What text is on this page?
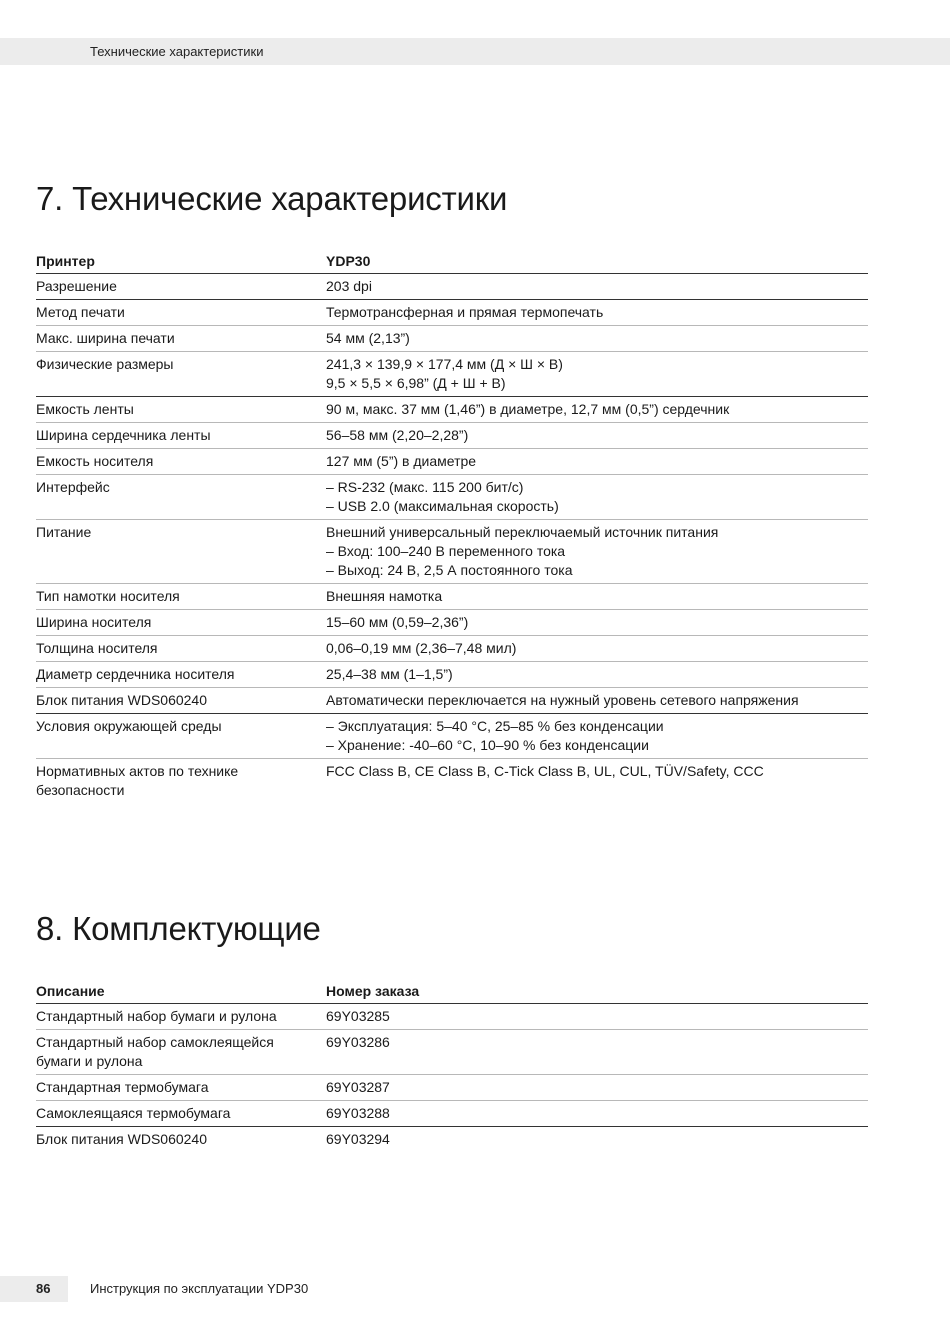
Технические характеристики
7. Технические характеристики
Принтер	YDP30

Разрешение	203 dpi

Метод печати	Термотрансферная и прямая термопечать

Макс. ширина печати	54 мм (2,13”)

Физические размеры	241,3 × 139,9 × 177,4 мм (Д × Ш × В)
9,5 × 5,5 × 6,98” (Д + Ш + В)

Емкость ленты	90 м, макс. 37 мм (1,46”) в диаметре, 12,7 мм (0,5”) сердечник

Ширина сердечника ленты	56–58 мм (2,20–2,28”)

Емкость носителя	127 мм (5”) в диаметре

Интерфейс	– RS-232 (макс. 115 200 бит/с)
– USB 2.0 (максимальная скорость)

Питание	Внешний универсальный переключаемый источник питания
– Вход: 100–240 В переменного тока
– Выход: 24 В, 2,5 А постоянного тока

Тип намотки носителя	Внешняя намотка

Ширина носителя	15–60 мм (0,59–2,36”)

Толщина носителя	0,06–0,19 мм (2,36–7,48 мил)

Диаметр сердечника носителя	25,4–38 мм (1–1,5”)

Блок питания WDS060240	Автоматически переключается на нужный уровень сетевого напряжения

Условия окружающей среды	– Эксплуатация: 5–40 °C, 25–85 % без конденсации
– Хранение: -40–60 °C, 10–90 % без конденсации

Нормативных актов по технике
безопасности	FCC Class B, CE Class B, C-Tick Class B, UL, CUL, TÜV/Safety, CCC
8. Комплектующие
Описание	Номер заказа

Стандартный набор бумаги и рулона	69Y03285

Стандартный набор самоклеящейся
бумаги и рулона	69Y03286

Стандартная термобумага	69Y03287

Самоклеящаяся термобумага	69Y03288

Блок питания WDS060240	69Y03294
86	Инструкция по эксплуатации YDP30
